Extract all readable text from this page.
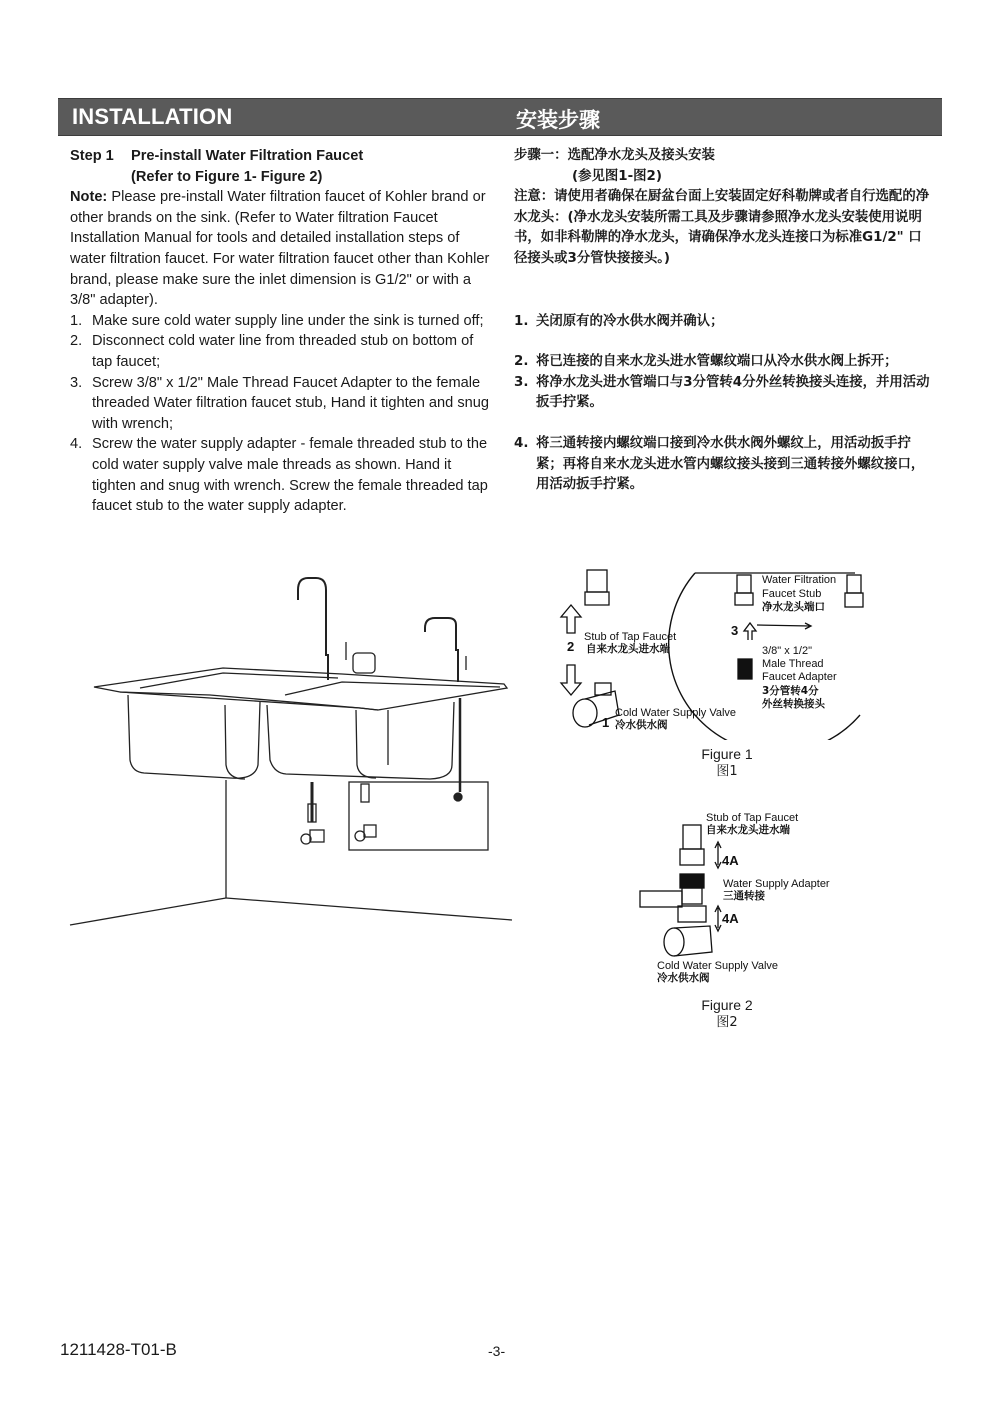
INSTALLATION	安装步骤
Step 1 Pre-install Water Filtration Faucet
(Refer to Figure 1- Figure 2)
Note: Please pre-install Water filtration faucet of Kohler brand or other brands on the sink. (Refer to Water filtration Faucet Installation Manual for tools and detailed installation steps of water filtration faucet. For water filtration faucet other than Kohler brand, please make sure the inlet dimension is G1/2" or with a 3/8" adapter).
1. Make sure cold water supply line under the sink is turned off;
2. Disconnect cold water line from threaded stub on bottom of tap faucet;
3. Screw 3/8" x 1/2" Male Thread Faucet Adapter to the female threaded Water filtration faucet stub, Hand it tighten and snug with wrench;
4. Screw the water supply adapter - female threaded stub to the cold water supply valve male threads as shown. Hand it tighten and snug with wrench. Screw the female threaded tap faucet stub to the water supply adapter.
步骤一：选配净水龙头及接头安装
(参见图1-图2)
注意：请使用者确保在厨盆台面上安装固定好科勒牌或者自行选配的净水龙头：(净水龙头安装所需工具及步骤请参照净水龙头安装使用说明书，如非科勒牌的净水龙头，请确保净水龙头连接口为标准G1/2" 口径接头或3分管快接接头。)
1. 关闭原有的冷水供水阀并确认；
2. 将已连接的自来水龙头进水管螺纹端口从冷水供水阀上拆开；
3. 将净水龙头进水管端口与3分管转4分外丝转换接头连接，并用活动扳手拧紧。
4. 将三通转接内螺纹端口接到冷水供水阀外螺纹上，用活动扳手拧紧；再将自来水龙头进水管内螺纹接头接到三通转接外螺纹接口，用活动扳手拧紧。
Stub of Tap Faucet
自来水龙头进水端
2
Cold Water Supply Valve
冷水供水阀
1
Water Filtration
Faucet Stub
净水龙头端口
3
3/8" x 1/2"
Male Thread
Faucet Adapter
3分管转4分
外丝转换接头
Figure 1
图1
Stub of Tap Faucet
自来水龙头进水端
4A
Water Supply Adapter
三通转接
4A
Cold Water Supply Valve
冷水供水阀
Figure 2
图2
1211428-T01-B	-3-
